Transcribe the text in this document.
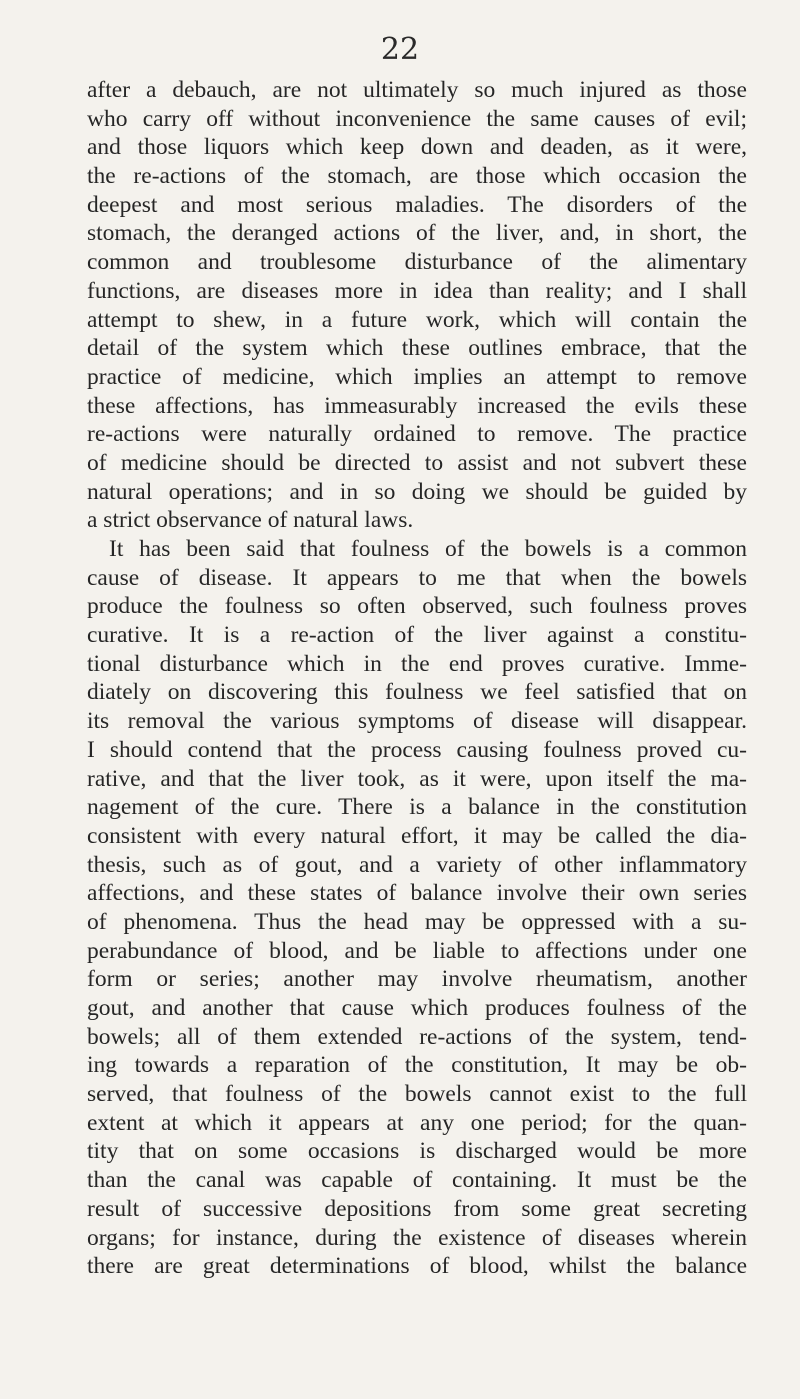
22
after a debauch, are not ultimately so much injured as those
who carry off without inconvenience the same causes of evil;
and those liquors which keep down and deaden, as it were,
the re-actions of the stomach, are those which occasion the
deepest and most serious maladies. The disorders of the
stomach, the deranged actions of the liver, and, in short, the
common and troublesome disturbance of the alimentary
functions, are diseases more in idea than reality; and I shall
attempt to shew, in a future work, which will contain the
detail of the system which these outlines embrace, that the
practice of medicine, which implies an attempt to remove
these affections, has immeasurably increased the evils these
re-actions were naturally ordained to remove. The practice
of medicine should be directed to assist and not subvert these
natural operations; and in so doing we should be guided by
a strict observance of natural laws.
It has been said that foulness of the bowels is a common
cause of disease. It appears to me that when the bowels
produce the foulness so often observed, such foulness proves
curative. It is a re-action of the liver against a constitu-
tional disturbance which in the end proves curative. Imme-
diately on discovering this foulness we feel satisfied that on
its removal the various symptoms of disease will disappear.
I should contend that the process causing foulness proved cu-
rative, and that the liver took, as it were, upon itself the ma-
nagement of the cure. There is a balance in the constitution
consistent with every natural effort, it may be called the dia-
thesis, such as of gout, and a variety of other inflammatory
affections, and these states of balance involve their own series
of phenomena. Thus the head may be oppressed with a su-
perabundance of blood, and be liable to affections under one
form or series; another may involve rheumatism, another
gout, and another that cause which produces foulness of the
bowels; all of them extended re-actions of the system, tend-
ing towards a reparation of the constitution, It may be ob-
served, that foulness of the bowels cannot exist to the full
extent at which it appears at any one period; for the quan-
tity that on some occasions is discharged would be more
than the canal was capable of containing. It must be the
result of successive depositions from some great secreting
organs; for instance, during the existence of diseases wherein
there are great determinations of blood, whilst the balance
